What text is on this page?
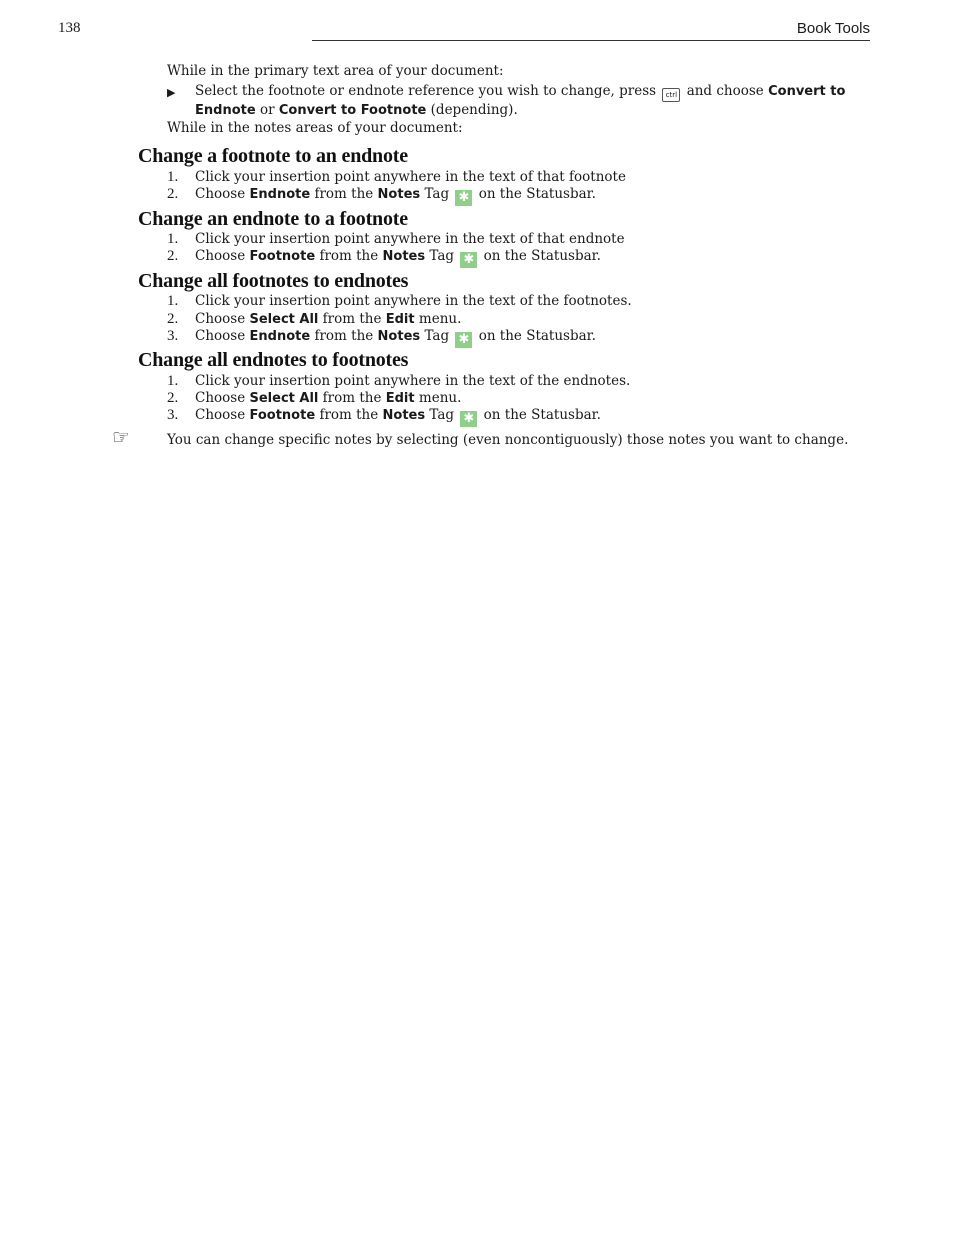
138	Book Tools
While in the primary text area of your document:
▶ Select the footnote or endnote reference you wish to change, press ctrl and choose Convert to Endnote or Convert to Footnote (depending).
While in the notes areas of your document:
Change a footnote to an endnote
1. Click your insertion point anywhere in the text of that footnote
2. Choose Endnote from the Notes Tag ✱ on the Statusbar.
Change an endnote to a footnote
1. Click your insertion point anywhere in the text of that endnote
2. Choose Footnote from the Notes Tag ✱ on the Statusbar.
Change all footnotes to endnotes
1. Click your insertion point anywhere in the text of the footnotes.
2. Choose Select All from the Edit menu.
3. Choose Endnote from the Notes Tag ✱ on the Statusbar.
Change all endnotes to footnotes
1. Click your insertion point anywhere in the text of the endnotes.
2. Choose Select All from the Edit menu.
3. Choose Footnote from the Notes Tag ✱ on the Statusbar.
☞	You can change specific notes by selecting (even noncontiguously) those notes you want to change.
